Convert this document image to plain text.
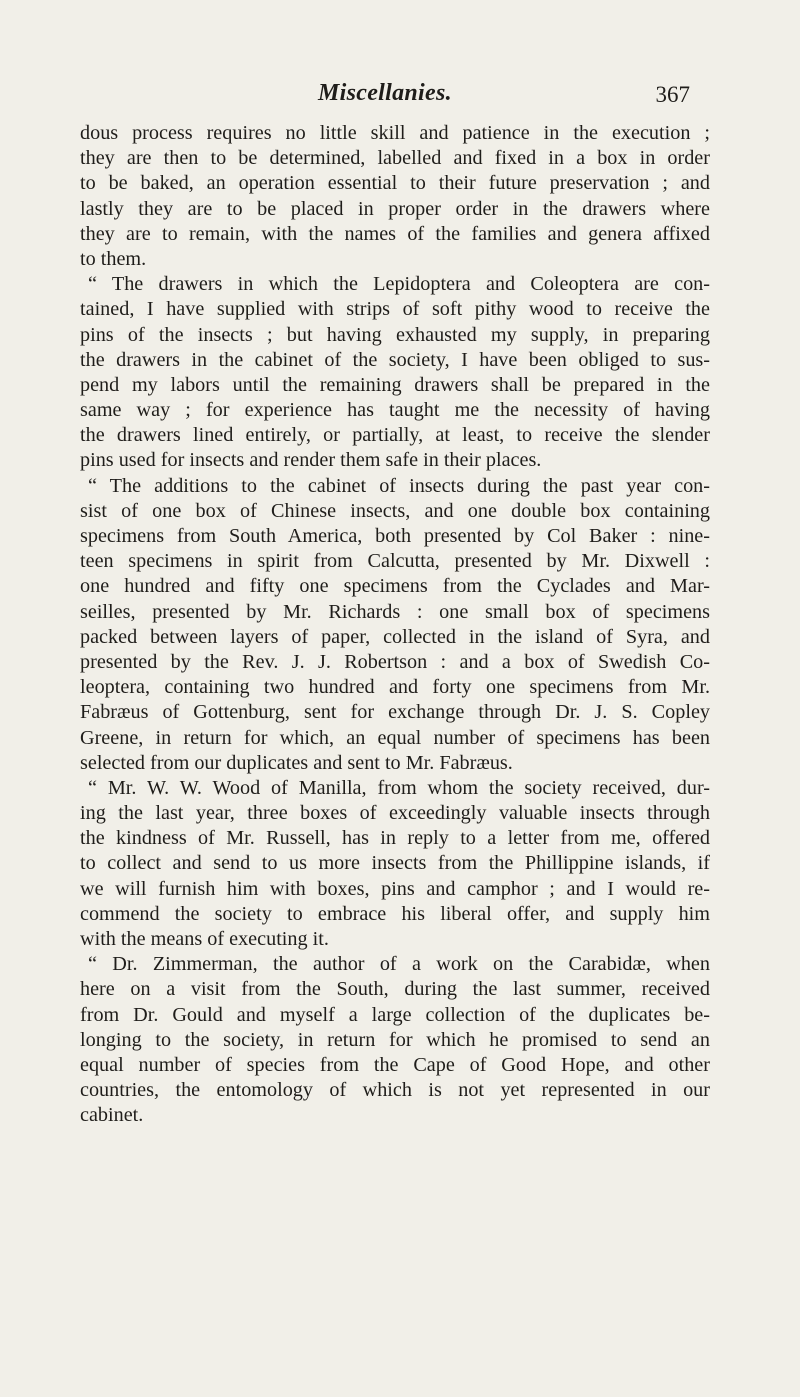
Miscellanies.	367
dous process requires no little skill and patience in the execution ;
they are then to be determined, labelled and fixed in a box in order
to be baked, an operation essential to their future preservation ; and
lastly they are to be placed in proper order in the drawers where
they are to remain, with the names of the families and genera affixed
to them.
“ The drawers in which the Lepidoptera and Coleoptera are con-
tained, I have supplied with strips of soft pithy wood to receive the
pins of the insects ; but having exhausted my supply, in preparing
the drawers in the cabinet of the society, I have been obliged to sus-
pend my labors until the remaining drawers shall be prepared in the
same way ; for experience has taught me the necessity of having
the drawers lined entirely, or partially, at least, to receive the slender
pins used for insects and render them safe in their places.
“ The additions to the cabinet of insects during the past year con-
sist of one box of Chinese insects, and one double box containing
specimens from South America, both presented by Col Baker : nine-
teen specimens in spirit from Calcutta, presented by Mr. Dixwell :
one hundred and fifty one specimens from the Cyclades and Mar-
seilles, presented by Mr. Richards : one small box of specimens
packed between layers of paper, collected in the island of Syra, and
presented by the Rev. J. J. Robertson : and a box of Swedish Co-
leoptera, containing two hundred and forty one specimens from Mr.
Fabræus of Gottenburg, sent for exchange through Dr. J. S. Copley
Greene, in return for which, an equal number of specimens has been
selected from our duplicates and sent to Mr. Fabræus.
“ Mr. W. W. Wood of Manilla, from whom the society received, dur-
ing the last year, three boxes of exceedingly valuable insects through
the kindness of Mr. Russell, has in reply to a letter from me, offered
to collect and send to us more insects from the Phillippine islands, if
we will furnish him with boxes, pins and camphor ; and I would re-
commend the society to embrace his liberal offer, and supply him
with the means of executing it.
“ Dr. Zimmerman, the author of a work on the Carabidæ, when
here on a visit from the South, during the last summer, received
from Dr. Gould and myself a large collection of the duplicates be-
longing to the society, in return for which he promised to send an
equal number of species from the Cape of Good Hope, and other
countries, the entomology of which is not yet represented in our
cabinet.
